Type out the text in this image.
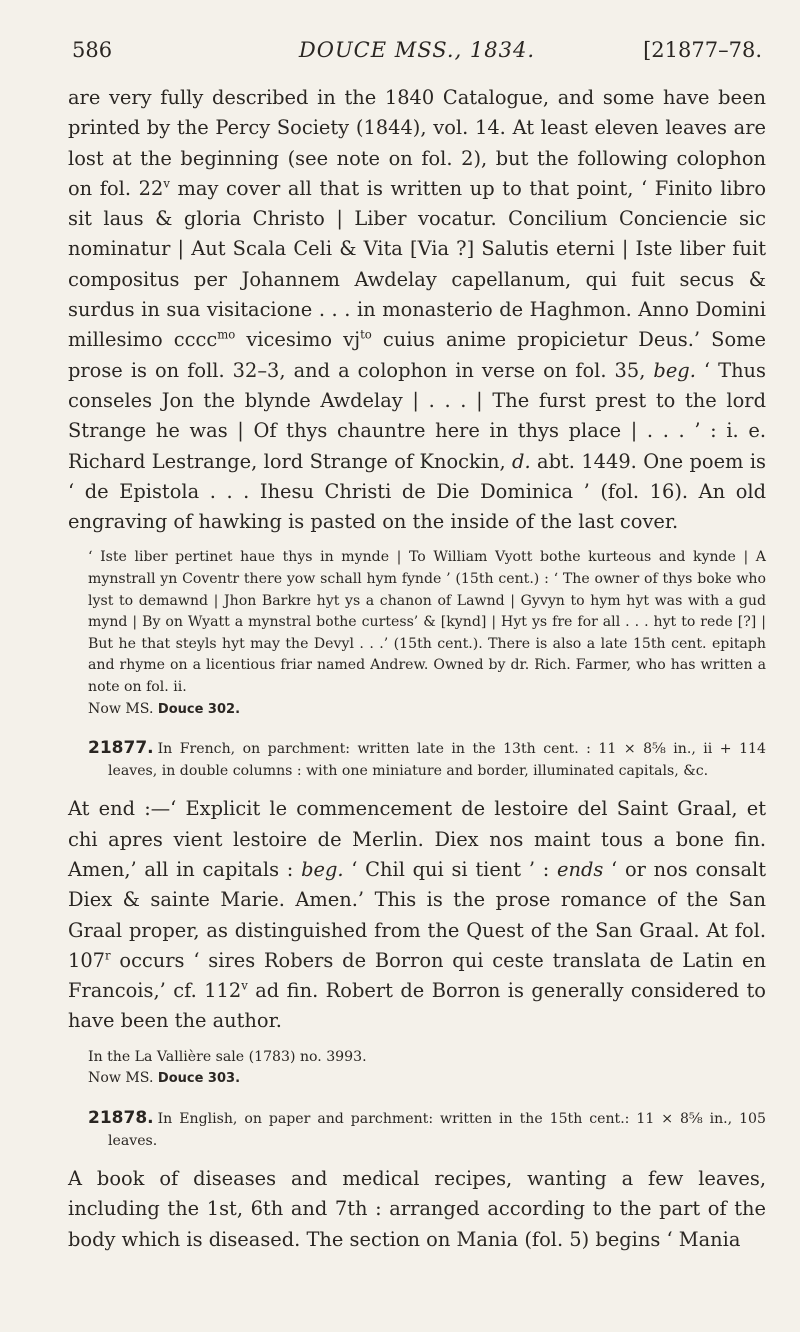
586	DOUCE MSS., 1834.	[21877–78.

are very fully described in the 1840 Catalogue, and some have been printed by the Percy Society (1844), vol. 14. At least eleven leaves are lost at the beginning (see note on fol. 2), but the following colophon on fol. 22$^v$ may cover all that is written up to that point, ‘ Finito libro sit laus & gloria Christo | Liber vocatur. Concilium Conciencie sic nominatur | Aut Scala Celi & Vita [Via ?] Salutis eterni | Iste liber fuit compositus per Johannem Awdelay capellanum, qui fuit secus & surdus in sua visitacione . . . in monasterio de Haghmon. Anno Domini millesimo cccc$^{mo}$ vicesimo $vj^{to}$ cuius anime propicietur Deus.’ Some prose is on foll. 32–3, and a colophon in verse on fol. 35, beg. ‘ Thus conseles Jon the blynde Awdelay | . . . | The furst prest to the lord Strange he was | Of thys chauntre here in thys place | . . . ’ : i. e. Richard Lestrange, lord Strange of Knockin, d. abt. 1449. One poem is ‘ de Epistola . . . Ihesu Christi de Die Dominica ’ (fol. 16). An old engraving of hawking is pasted on the inside of the last cover.

‘ Iste liber pertinet haue thys in mynde | To William Vyott bothe kurteous and kynde | A mynstrall yn Coventr there yow schall hym fynde ’ (15th cent.) : ‘ The owner of thys boke who lyst to demawnd | Jhon Barkre hyt ys a chanon of Lawnd | Gyvyn to hym hyt was with a gud mynd | By on Wyatt a mynstral bothe curtess’ & [kynd] | Hyt ys fre for all . . . hyt to rede [?] | But he that steyls hyt may the Devyl . . .’ (15th cent.). There is also a late 15th cent. epitaph and rhyme on a licentious friar named Andrew. Owned by dr. Rich. Farmer, who has written a note on fol. ii.

Now MS. Douce 302.

21877. In French, on parchment: written late in the 13th cent. : 11 × 8⅝ in., ii + 114 leaves, in double columns : with one miniature and border, illuminated capitals, &c.

At end :—‘ Explicit le commencement de lestoire del Saint Graal, et chi apres vient lestoire de Merlin. Diex nos maint tous a bone fin. Amen,’ all in capitals : beg. ‘ Chil qui si tient ’ : ends ‘ or nos consalt Diex & sainte Marie. Amen.’ This is the prose romance of the San Graal proper, as distinguished from the Quest of the San Graal. At fol. 107$^r$ occurs ‘ sires Robers de Borron qui ceste translata de Latin en Francois,’ cf. 112$^v$ ad fin. Robert de Borron is generally considered to have been the author.

In the La Vallière sale (1783) no. 3993.

Now MS. Douce 303.

21878. In English, on paper and parchment: written in the 15th cent.: 11 × 8⅝ in., 105 leaves.

A book of diseases and medical recipes, wanting a few leaves, including the 1st, 6th and 7th : arranged according to the part of the body which is diseased. The section on Mania (fol. 5) begins ‘ Mania
